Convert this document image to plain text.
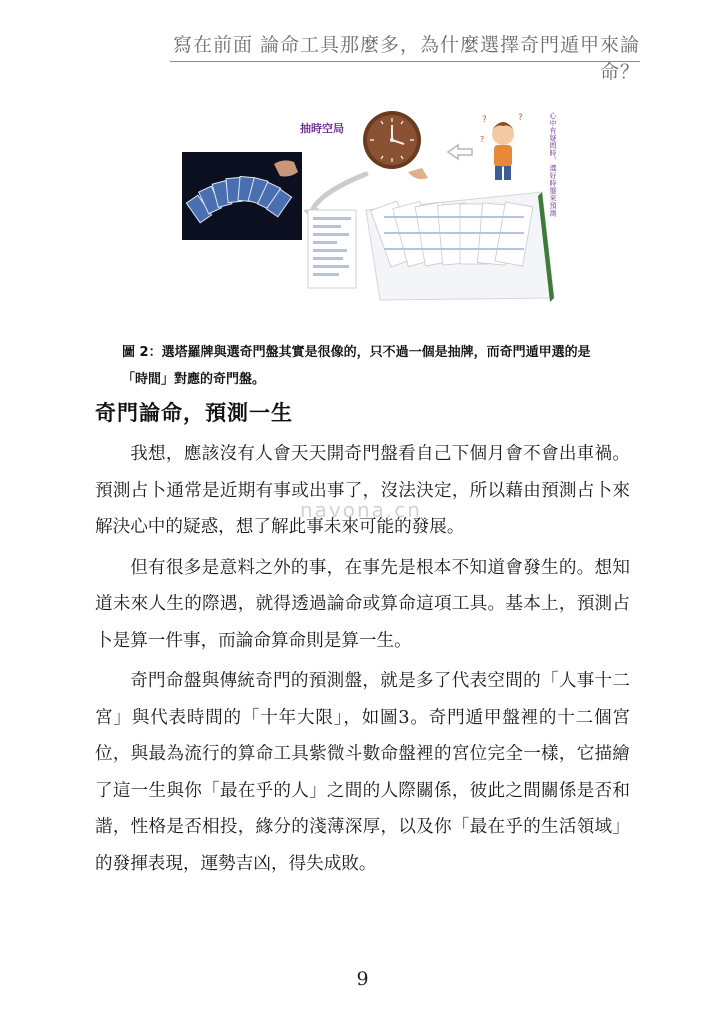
寫在前面 論命工具那麼多，為什麼選擇奇門遁甲來論命？
抽時空局
?	?
?	心中有疑問時，選好時盤來預測
圖 2：選塔羅牌與選奇門盤其實是很像的，只不過一個是抽牌，而奇門遁甲選的是「時間」對應的奇門盤。
奇門論命，預測一生

我想，應該沒有人會天天開奇門盤看自己下個月會不會出車禍。預測占卜通常是近期有事或出事了，沒法決定，所以藉由預測占卜來解決心中的疑惑，想了解此事未來可能的發展。

但有很多是意料之外的事，在事先是根本不知道會發生的。想知道未來人生的際遇，就得透過論命或算命這項工具。基本上，預測占卜是算一件事，而論命算命則是算一生。

奇門命盤與傳統奇門的預測盤，就是多了代表空間的「人事十二宮」與代表時間的「十年大限」，如圖3。奇門遁甲盤裡的十二個宮位，與最為流行的算命工具紫微斗數命盤裡的宮位完全一樣，它描繪了這一生與你「最在乎的人」之間的人際關係，彼此之間關係是否和諧，性格是否相投，緣分的淺薄深厚，以及你「最在乎的生活領域」的發揮表現，運勢吉凶，得失成敗。

navona.cn
9
